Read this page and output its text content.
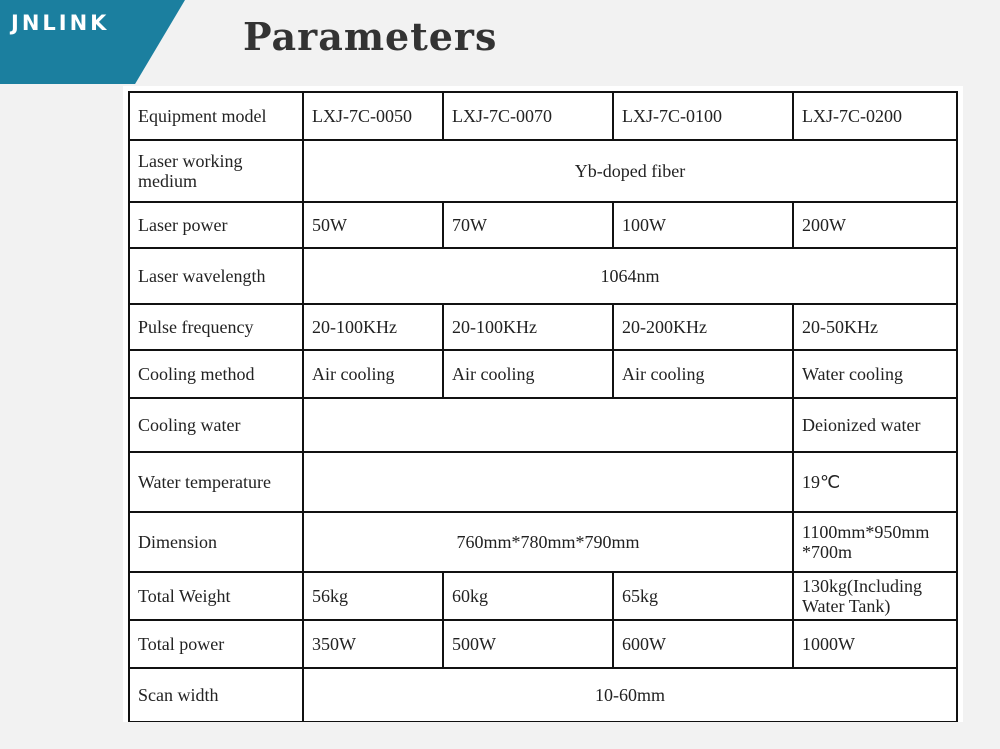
JNLINK	Parameters
Equipment model	LXJ-7C-0050	LXJ-7C-0070	LXJ-7C-0100	LXJ-7C-0200
Laser working medium	Yb-doped fiber			
Laser power	50W	70W	100W	200W
Laser wavelength	1064nm			
Pulse frequency	20-100KHz	20-100KHz	20-200KHz	20-50KHz
Cooling method	Air cooling	Air cooling	Air cooling	Water cooling
Cooling water				Deionized water
Water temperature				19℃
Dimension	760mm*780mm*790mm			1100mm*950mm *700m
Total Weight	56kg	60kg	65kg	130kg(Including Water Tank)
Total power	350W	500W	600W	1000W
Scan width	10-60mm			
